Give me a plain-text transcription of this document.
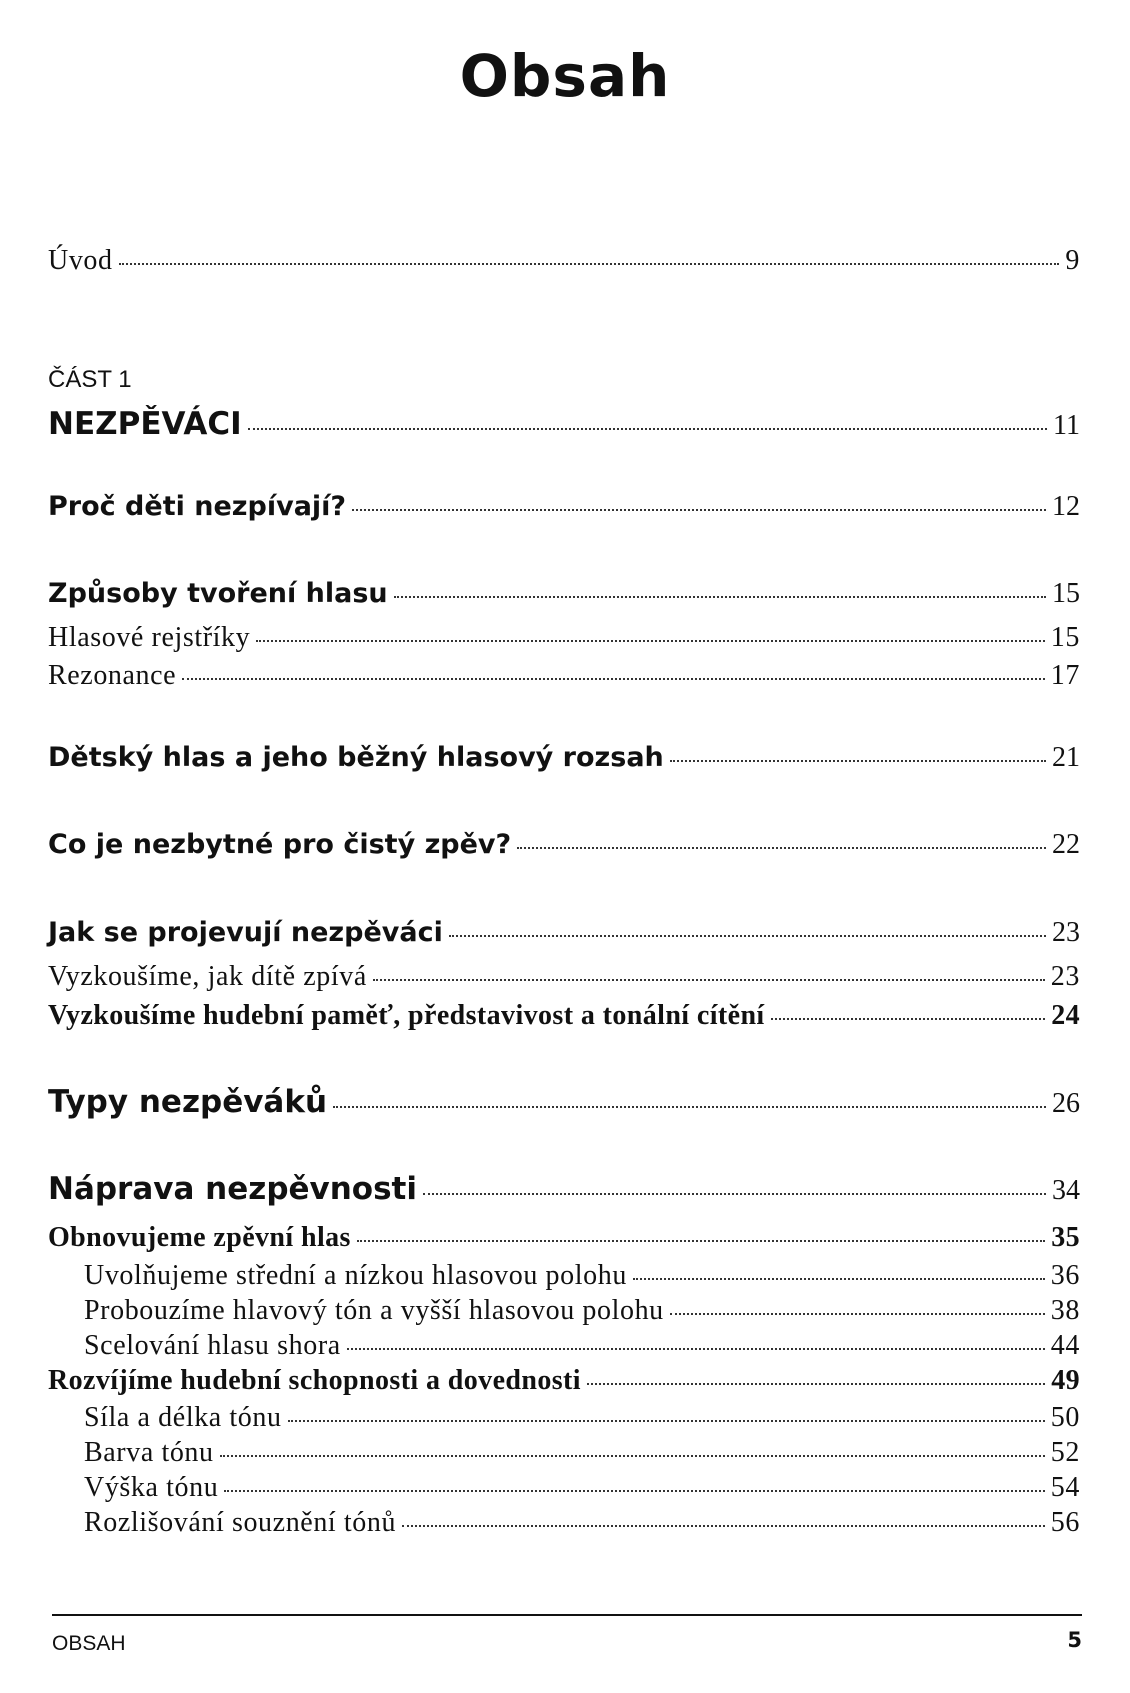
Obsah
Úvod	9

ČÁST 1

NEZPĚVÁCI	11
Proč děti nezpívají?	12
Způsoby tvoření hlasu	15
Hlasové rejstříky	15
Rezonance	17
Dětský hlas a jeho běžný hlasový rozsah	21
Co je nezbytné pro čistý zpěv?	22
Jak se projevují nezpěváci	23
Vyzkoušíme, jak dítě zpívá	23
Vyzkoušíme hudební paměť, představivost a tonální cítění	24
Typy nezpěváků	26
Náprava nezpěvnosti	34
Obnovujeme zpěvní hlas	35
Uvolňujeme střední a nízkou hlasovou polohu	36
Probouzíme hlavový tón a vyšší hlasovou polohu	38
Scelování hlasu shora	44
Rozvíjíme hudební schopnosti a dovednosti	49
Síla a délka tónu	50
Barva tónu	52
Výška tónu	54
Rozlišování souznění tónů	56
OBSAH	5
